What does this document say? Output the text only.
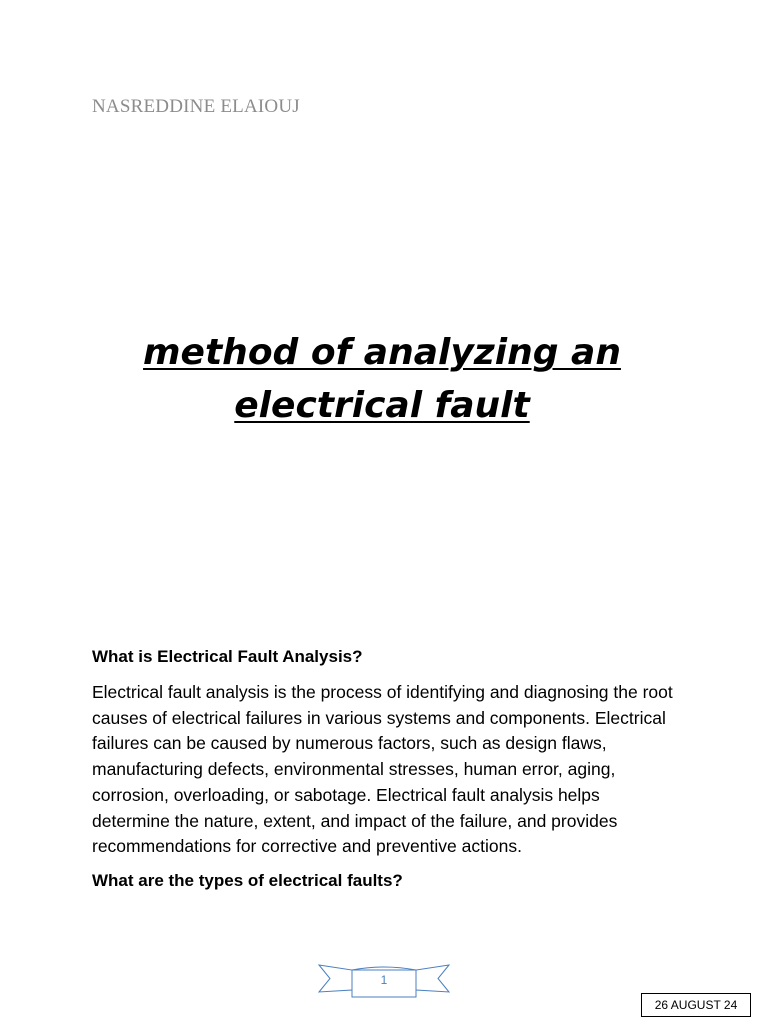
NASREDDINE ELAIOUJ
method of analyzing an electrical fault

What is Electrical Fault Analysis?

Electrical fault analysis is the process of identifying and diagnosing the root causes of electrical failures in various systems and components. Electrical failures can be caused by numerous factors, such as design flaws, manufacturing defects, environmental stresses, human error, aging, corrosion, overloading, or sabotage. Electrical fault analysis helps determine the nature, extent, and impact of the failure, and provides recommendations for corrective and preventive actions.

What are the types of electrical faults?

1
26 AUGUST 24
